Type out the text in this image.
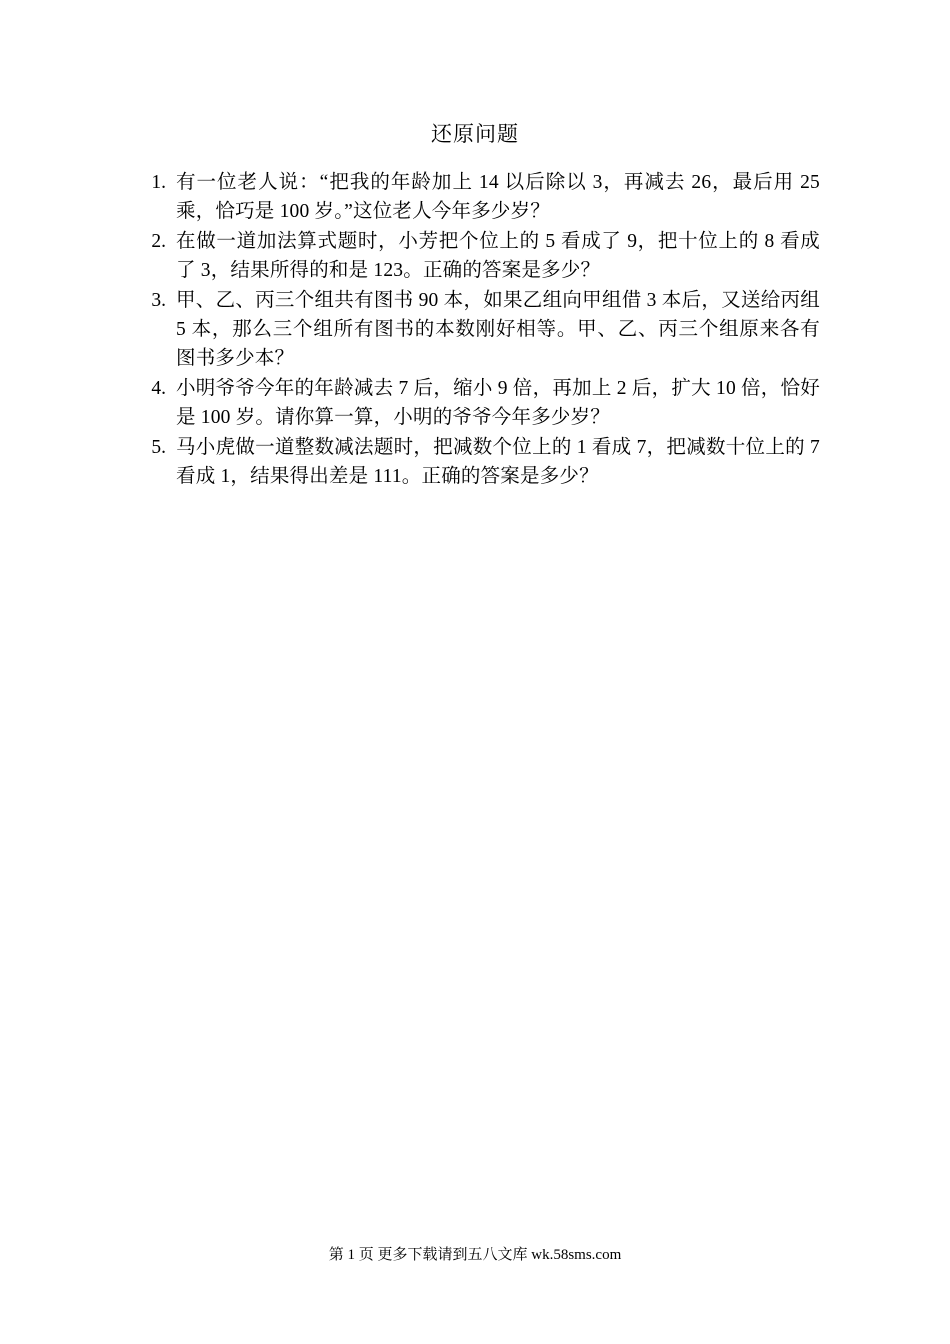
还原问题
1. 有一位老人说：“把我的年龄加上 14 以后除以 3，再减去 26，最后用 25 乘，恰巧是 100 岁。”这位老人今年多少岁？
2. 在做一道加法算式题时，小芳把个位上的 5 看成了 9，把十位上的 8 看成了 3，结果所得的和是 123。正确的答案是多少？
3. 甲、乙、丙三个组共有图书 90 本，如果乙组向甲组借 3 本后，又送给丙组 5 本，那么三个组所有图书的本数刚好相等。甲、乙、丙三个组原来各有图书多少本？
4. 小明爷爷今年的年龄减去 7 后，缩小 9 倍，再加上 2 后，扩大 10 倍，恰好是 100 岁。请你算一算，小明的爷爷今年多少岁？
5. 马小虎做一道整数减法题时，把减数个位上的 1 看成 7，把减数十位上的 7 看成 1，结果得出差是 111。正确的答案是多少？
第 1 页 更多下载请到五八文库 wk.58sms.com
